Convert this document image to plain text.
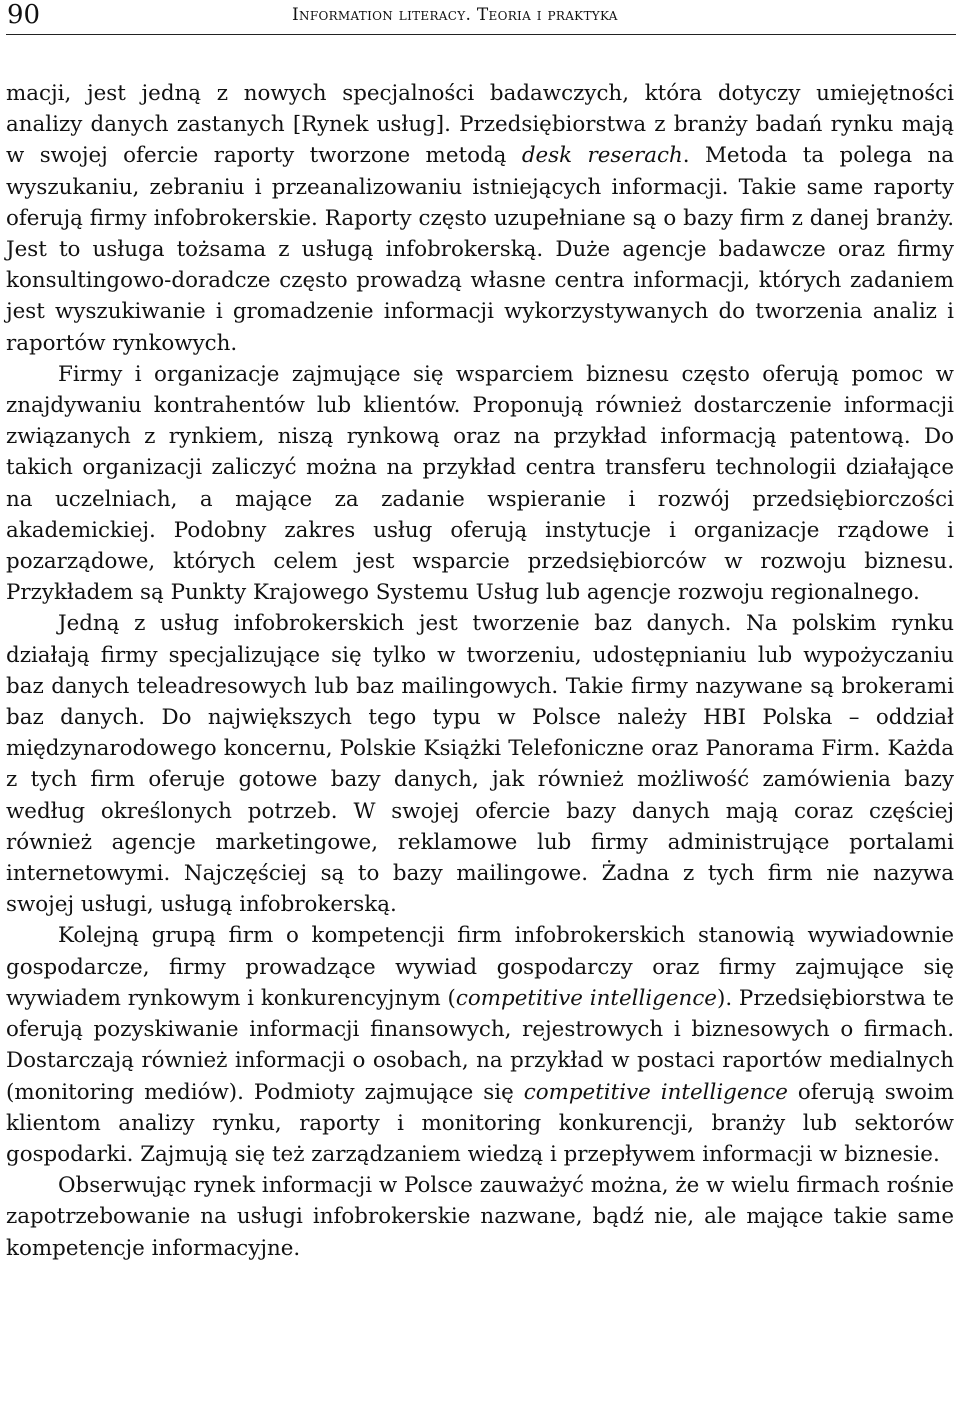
90	Information literacy. Teoria i praktyka

macji, jest jedną z nowych specjalności badawczych, która dotyczy umiejętności analizy danych zastanych [Rynek usług]. Przedsiębiorstwa z branży badań rynku mają w swojej ofercie raporty tworzone metodą desk reserach. Metoda ta polega na wyszukaniu, zebraniu i przeanalizowaniu istniejących informacji. Takie same raporty oferują firmy infobrokerskie. Raporty często uzupełniane są o bazy firm z danej branży. Jest to usługa tożsama z usługą infobrokerską. Duże agencje badawcze oraz firmy konsultingowo-doradcze często prowadzą własne centra informacji, których zadaniem jest wyszukiwanie i gromadzenie informacji wykorzystywanych do tworzenia analiz i raportów rynkowych.

Firmy i organizacje zajmujące się wsparciem biznesu często oferują pomoc w znajdywaniu kontrahentów lub klientów. Proponują również dostarczenie informacji związanych z rynkiem, niszą rynkową oraz na przykład informacją patentową. Do takich organizacji zaliczyć można na przykład centra transferu technologii działające na uczelniach, a mające za zadanie wspieranie i rozwój przedsiębiorczości akademickiej. Podobny zakres usług oferują instytucje i organizacje rządowe i pozarządowe, których celem jest wsparcie przedsiębiorców w rozwoju biznesu. Przykładem są Punkty Krajowego Systemu Usług lub agencje rozwoju regionalnego.

Jedną z usług infobrokerskich jest tworzenie baz danych. Na polskim rynku działają firmy specjalizujące się tylko w tworzeniu, udostępnianiu lub wypożyczaniu baz danych teleadresowych lub baz mailingowych. Takie firmy nazywane są brokerami baz danych. Do największych tego typu w Polsce należy HBI Polska – oddział międzynarodowego koncernu, Polskie Książki Telefoniczne oraz Panorama Firm. Każda z tych firm oferuje gotowe bazy danych, jak również możliwość zamówienia bazy według określonych potrzeb. W swojej ofercie bazy danych mają coraz częściej również agencje marketingowe, reklamowe lub firmy administrujące portalami internetowymi. Najczęściej są to bazy mailingowe. Żadna z tych firm nie nazywa swojej usługi, usługą infobrokerską.

Kolejną grupą firm o kompetencji firm infobrokerskich stanowią wywiadownie gospodarcze, firmy prowadzące wywiad gospodarczy oraz firmy zajmujące się wywiadem rynkowym i konkurencyjnym (competitive intelligence). Przedsiębiorstwa te oferują pozyskiwanie informacji finansowych, rejestrowych i biznesowych o firmach. Dostarczają również informacji o osobach, na przykład w postaci raportów medialnych (monitoring mediów). Podmioty zajmujące się competitive intelligence oferują swoim klientom analizy rynku, raporty i monitoring konkurencji, branży lub sektorów gospodarki. Zajmują się też zarządzaniem wiedzą i przepływem informacji w biznesie.

Obserwując rynek informacji w Polsce zauważyć można, że w wielu firmach rośnie zapotrzebowanie na usługi infobrokerskie nazwane, bądź nie, ale mające takie same kompetencje informacyjne.
